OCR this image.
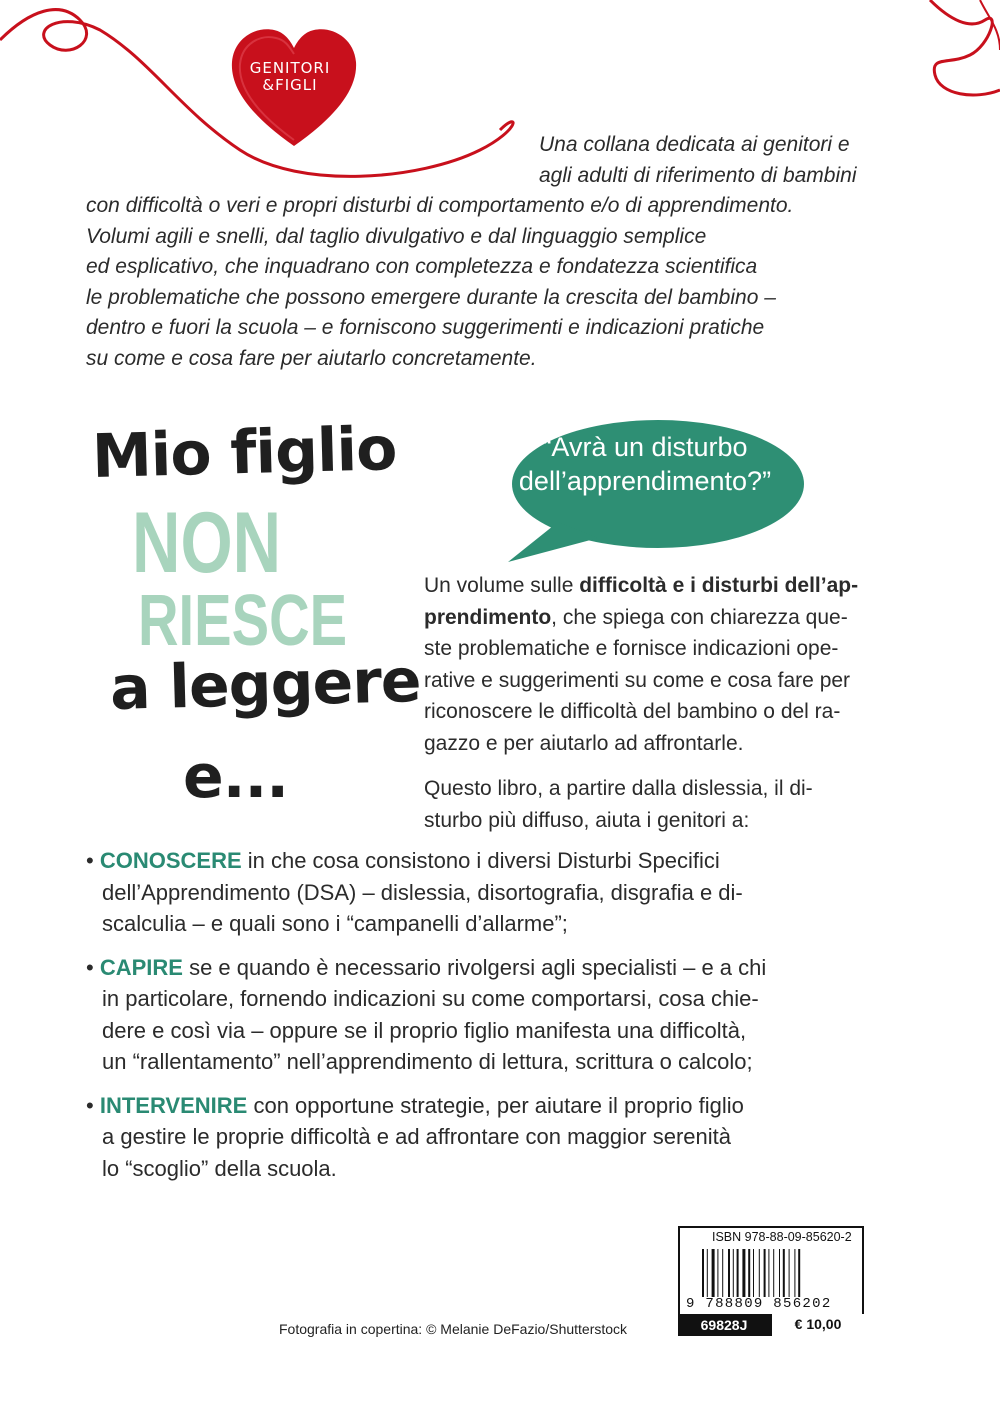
GENITORI
&FIGLI
Una collana dedicata ai genitori e
agli adulti di riferimento di bambini
con difficoltà o veri e propri disturbi di comportamento e/o di apprendimento.
Volumi agili e snelli, dal taglio divulgativo e dal linguaggio semplice
ed esplicativo, che inquadrano con completezza e fondatezza scientifica
le problematiche che possono emergere durante la crescita del bambino –
dentro e fuori la scuola – e forniscono suggerimenti e indicazioni pratiche
su come e cosa fare per aiutarlo concretamente.
Mio figlio
NON
RIESCE
a leggere
e...
“Avrà un disturbo
dell’apprendimento?”
Un volume sulle difficoltà e i disturbi dell’ap-
prendimento, che spiega con chiarezza que-
ste problematiche e fornisce indicazioni ope-
rative e suggerimenti su come e cosa fare per
riconoscere le difficoltà del bambino o del ra-
gazzo e per aiutarlo ad affrontarle.
Questo libro, a partire dalla dislessia, il di-
sturbo più diffuso, aiuta i genitori a:
• CONOSCERE in che cosa consistono i diversi Disturbi Specifici
dell’Apprendimento (DSA) – dislessia, disortografia, disgrafia e di-
scalculia – e quali sono i “campanelli d’allarme”;
• CAPIRE se e quando è necessario rivolgersi agli specialisti – e a chi
in particolare, fornendo indicazioni su come comportarsi, cosa chie-
dere e così via – oppure se il proprio figlio manifesta una difficoltà,
un “rallentamento” nell’apprendimento di lettura, scrittura o calcolo;
• INTERVENIRE con opportune strategie, per aiutare il proprio figlio
a gestire le proprie difficoltà e ad affrontare con maggior serenità
lo “scoglio” della scuola.
Fotografia in copertina: © Melanie DeFazio/Shutterstock
ISBN 978-88-09-85620-2
9 788809 856202
69828J	€ 10,00
